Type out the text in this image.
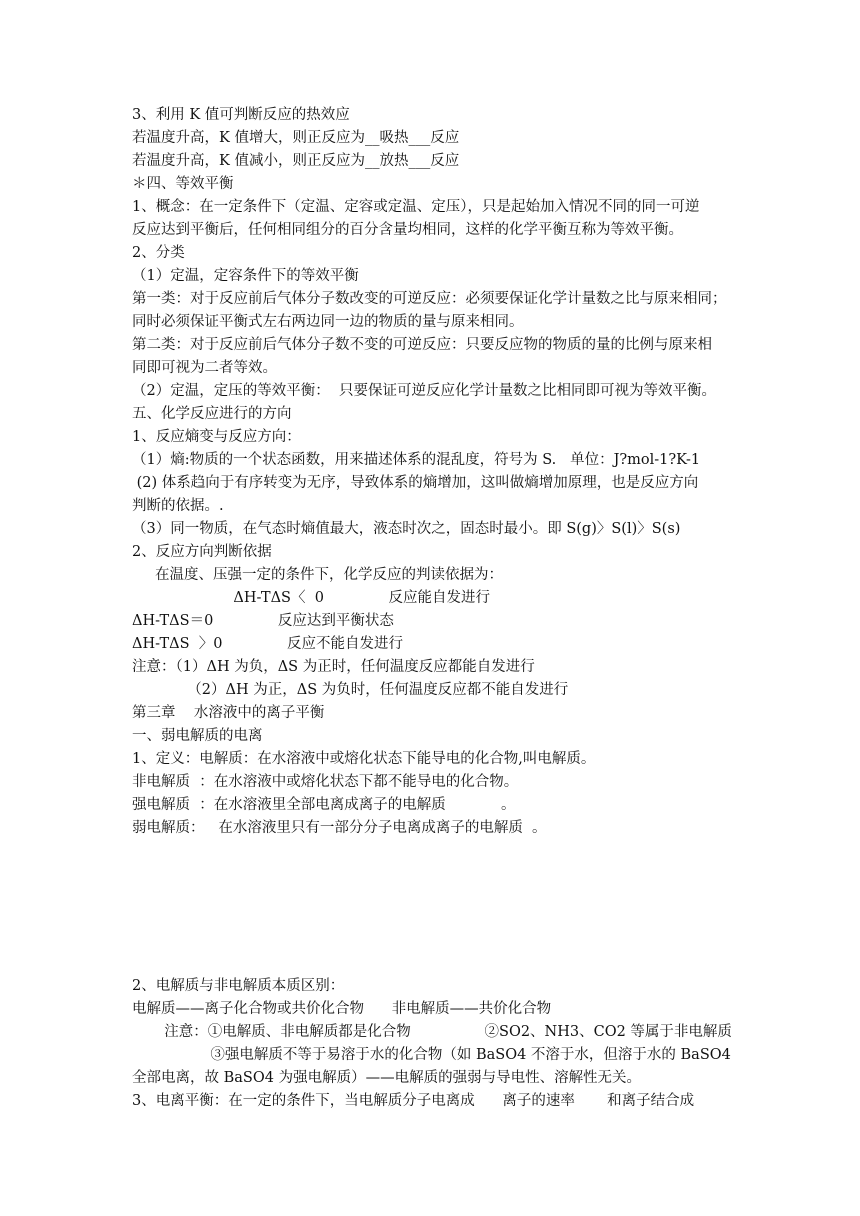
3、利用 K 值可判断反应的热效应
若温度升高，K 值增大，则正反应为__吸热___反应
若温度升高，K 值减小，则正反应为__放热___反应
＊四、等效平衡
1、概念：在一定条件下（定温、定容或定温、定压），只是起始加入情况不同的同一可逆
反应达到平衡后，任何相同组分的百分含量均相同，这样的化学平衡互称为等效平衡。
2、分类
（1）定温，定容条件下的等效平衡
第一类：对于反应前后气体分子数改变的可逆反应：必须要保证化学计量数之比与原来相同；
同时必须保证平衡式左右两边同一边的物质的量与原来相同。
第二类：对于反应前后气体分子数不变的可逆反应：只要反应物的物质的量的比例与原来相
同即可视为二者等效。
（2）定温，定压的等效平衡：  只要保证可逆反应化学计量数之比相同即可视为等效平衡。
五、化学反应进行的方向
1、反应熵变与反应方向：
（1）熵:物质的一个状态函数，用来描述体系的混乱度，符号为 S.   单位：J?mol-1?K-1
(2) 体系趋向于有序转变为无序，导致体系的熵增加，这叫做熵增加原理，也是反应方向
判断的依据。.
（3）同一物质，在气态时熵值最大，液态时次之，固态时最小。即 S(g)〉S(l)〉S(s)
2、反应方向判断依据
在温度、压强一定的条件下，化学反应的判读依据为：
ΔH-TΔS〈  0              反应能自发进行
ΔH-TΔS＝0              反应达到平衡状态
ΔH-TΔS  〉0              反应不能自发进行
注意：（1）ΔH 为负，ΔS 为正时，任何温度反应都能自发进行
（2）ΔH 为正，ΔS 为负时，任何温度反应都不能自发进行
第三章    水溶液中的离子平衡
一、弱电解质的电离
1、定义：电解质：在水溶液中或熔化状态下能导电的化合物,叫电解质。
非电解质  ：在水溶液中或熔化状态下都不能导电的化合物。
强电解质  ：在水溶液里全部电离成离子的电解质            。
弱电解质：   在水溶液里只有一部分分子电离成离子的电解质  。
2、电解质与非电解质本质区别：
电解质——离子化合物或共价化合物      非电解质——共价化合物
注意：①电解质、非电解质都是化合物                ②SO2、NH3、CO2 等属于非电解质
③强电解质不等于易溶于水的化合物（如 BaSO4 不溶于水，但溶于水的 BaSO4
全部电离，故 BaSO4 为强电解质）——电解质的强弱与导电性、溶解性无关。
3、电离平衡：在一定的条件下，当电解质分子电离成      离子的速率       和离子结合成
